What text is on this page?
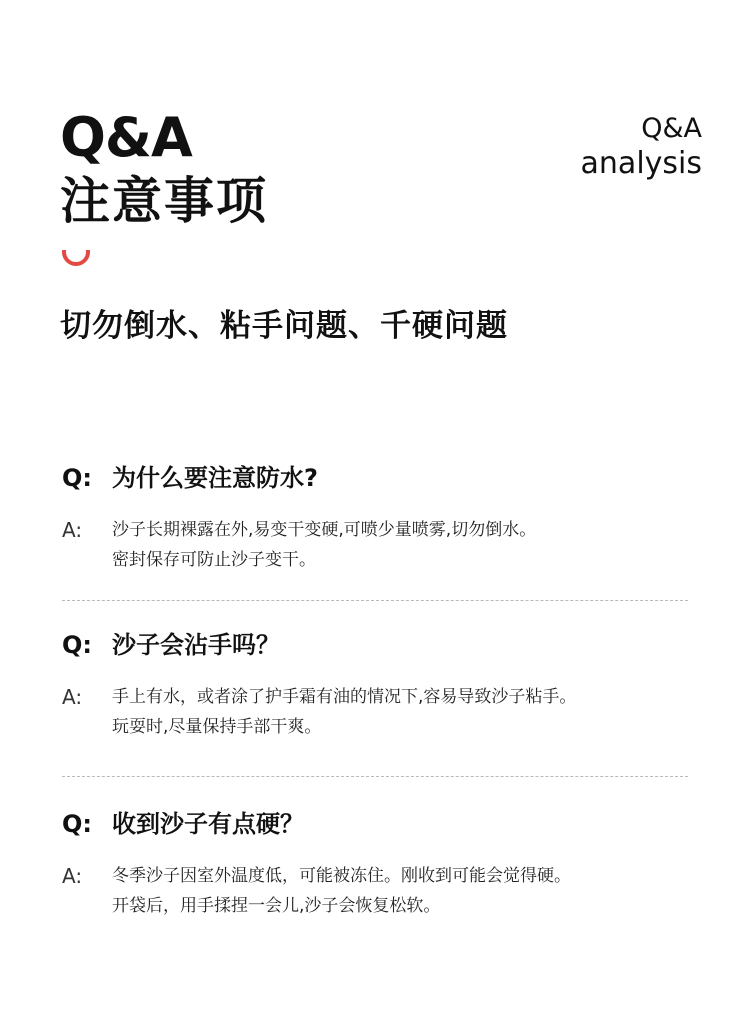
Q&A
注意事项
Q&A
analysis
切勿倒水、粘手问题、千硬问题
Q: 为什么要注意防水?
A:	沙子长期裸露在外,易变干变硬,可喷少量喷雾,切勿倒水。
密封保存可防止沙子变干。
Q: 沙子会沾手吗？
A:	手上有水，或者涂了护手霜有油的情况下,容易导致沙子粘手。
玩耍时,尽量保持手部干爽。
Q: 收到沙子有点硬？
A:	冬季沙子因室外温度低，可能被冻住。刚收到可能会觉得硬。
开袋后，用手揉捏一会儿,沙子会恢复松软。
